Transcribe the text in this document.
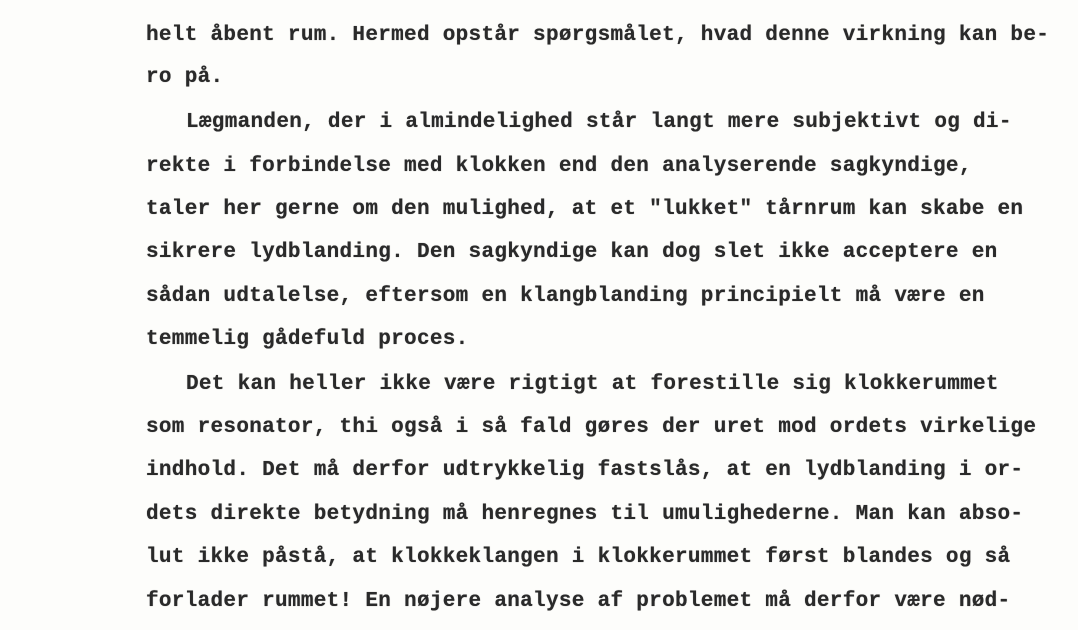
helt åbent rum. Hermed opstår spørgsmålet, hvad denne virkning kan be-
ro på.
Lægmanden, der i almindelighed står langt mere subjektivt og di-
rekte i forbindelse med klokken end den analyserende sagkyndige,
taler her gerne om den mulighed, at et "lukket" tårnrum kan skabe en
sikrere lydblanding. Den sagkyndige kan dog slet ikke acceptere en
sådan udtalelse, eftersom en klangblanding principielt må være en
temmelig gådefuld proces.
Det kan heller ikke være rigtigt at forestille sig klokkerummet
som resonator, thi også i så fald gøres der uret mod ordets virkelige
indhold. Det må derfor udtrykkelig fastslås, at en lydblanding i or-
dets direkte betydning må henregnes til umulighederne. Man kan abso-
lut ikke påstå, at klokkeklangen i klokkerummet først blandes og så
forlader rummet! En nøjere analyse af problemet må derfor være nød-
